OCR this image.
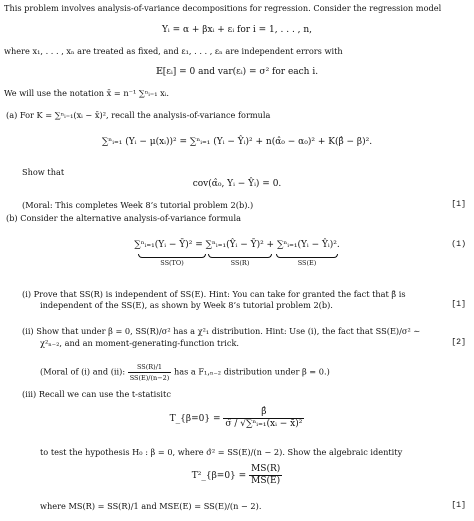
This problem involves analysis-of-variance decompositions for regression. Consider the regression model
Yᵢ = α + βxᵢ + εᵢ for i = 1, . . . , n,
where x₁, . . . , xₙ are treated as fixed, and ε₁, . . . , εₙ are independent errors with
𝔼[εᵢ] = 0 and var(εᵢ) = σ² for each i.
We will use the notation x̄ = n⁻¹ ∑ⁿᵢ₌₁ xᵢ.
(a) For K = ∑ⁿᵢ₌₁(xᵢ − x̄)², recall the analysis-of-variance formula
∑ⁿᵢ₌₁ (Yᵢ − μ(xᵢ))² = ∑ⁿᵢ₌₁ (Yᵢ − Ŷᵢ)² + n(α̂₀ − α₀)² + K(β̂ − β)².
Show that
cov(α̂₀, Yᵢ − Ŷᵢ) = 0.
(Moral: This completes Week 8’s tutorial problem 2(b).)	[1]
(b) Consider the alternative analysis-of-variance formula
∑ⁿᵢ₌₁(Yᵢ − Ȳ)² = ∑ⁿᵢ₌₁(Ŷᵢ − Ȳ)² + ∑ⁿᵢ₌₁(Yᵢ − Ŷᵢ)².	(1)
SS(TO)	SS(R)	SS(E)
(i) Prove that SS(R) is independent of SS(E). Hint: You can take for granted the fact that β̂ is
independent of the SS(E), as shown by Week 8’s tutorial problem 2(b).	[1]
(ii) Show that under β = 0, SS(R)/σ² has a χ²₁ distribution. Hint: Use (i), the fact that SS(E)/σ² ∼
χ²ₙ₋₂, and an moment-generating-function trick.	[2]
(Moral of (i) and (ii): $\frac{SS(R)/1}{SS(E)/(n-2)}$ has a F₁,ₙ₋₂ distribution under β = 0.)
(iii) Recall we can use the t-statisitc
T_{β=0} = $\frac{\betâ}{\text{σ̂ / √∑ⁿᵢ₌₁(xᵢ − x̄)²}}$
to test the hypothesis H₀ : β = 0, where σ̂² = SS(E)/(n − 2). Show the algebraic identity
T²_{β=0} = $\frac{MS(R)}{MS(E)}$
where MS(R) = SS(R)/1 and MSE(E) = SS(E)/(n − 2).	[1]
